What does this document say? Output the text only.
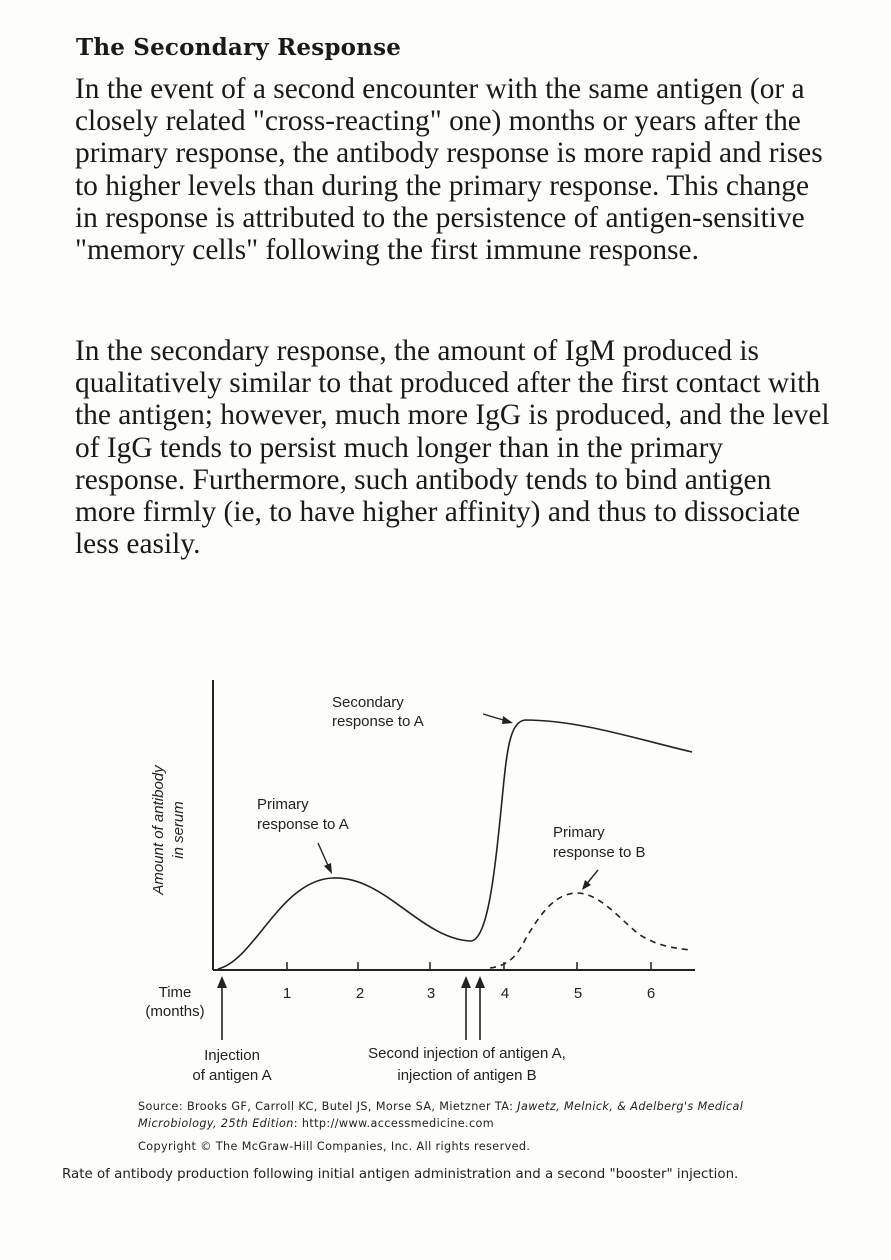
The Secondary Response

In the event of a second encounter with the same antigen (or a closely related "cross-reacting" one) months or years after the primary response, the antibody response is more rapid and rises to higher levels than during the primary response. This change in response is attributed to the persistence of antigen-sensitive "memory cells" following the first immune response.

In the secondary response, the amount of IgM produced is qualitatively similar to that produced after the first contact with the antigen; however, much more IgG is produced, and the level of IgG tends to persist much longer than in the primary response. Furthermore, such antibody tends to bind antigen more firmly (ie, to have higher affinity) and thus to dissociate less easily.

1	2	3	4	5	6
Time
(months)
Amount of antibody in serum
Secondary
response to A
Primary
response to A	Primary
response to B
Injection
of antigen A
Second injection of antigen A,
injection of antigen B
Source: Brooks GF, Carroll KC, Butel JS, Morse SA, Mietzner TA: Jawetz, Melnick, & Adelberg's Medical Microbiology, 25th Edition: http://www.accessmedicine.com
Copyright © The McGraw-Hill Companies, Inc. All rights reserved.
Rate of antibody production following initial antigen administration and a second "booster" injection.
